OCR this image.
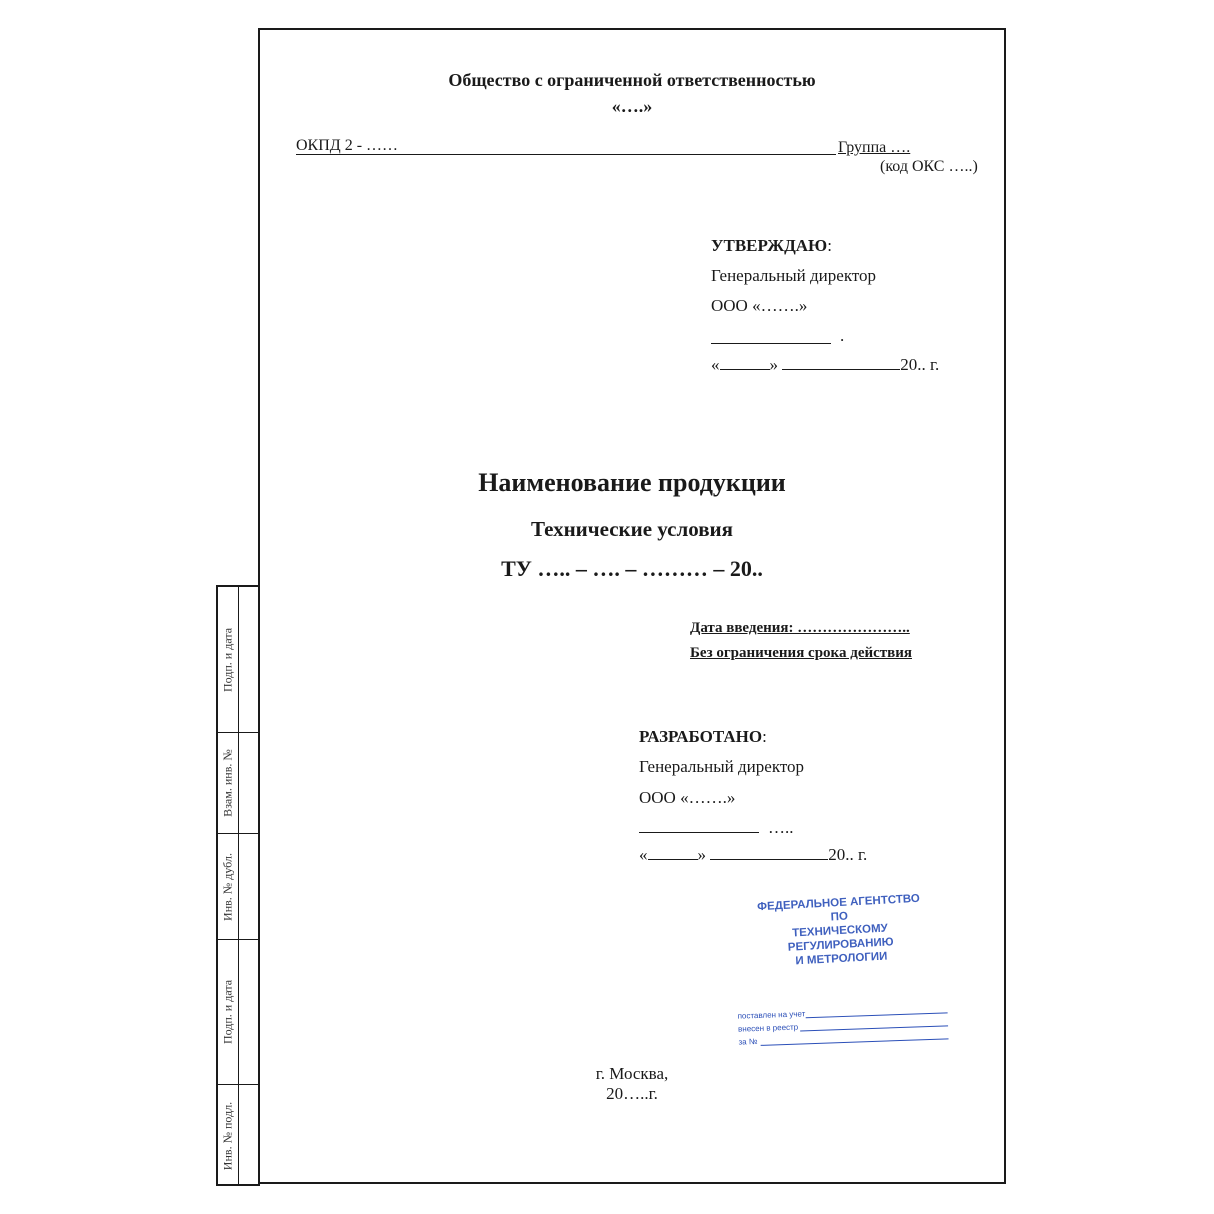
Подп. и дата
Взам. инв. №
Инв. № дубл.
Подп. и дата
Инв. № подл.
Общество с ограниченной ответственностью
«….»
ОКПД 2 - ……	Группа ….
(код ОКС …..)
УТВЕРЖДАЮ:
Генеральный директор
ООО «…….»
.
«	»	20.. г.
Наименование продукции
Технические условия
ТУ ….. – …. – ……… – 20..
Дата введения: …………………..
Без ограничения срока действия
РАЗРАБОТАНО:
Генеральный директор
ООО «…….»
…..
«	»	20.. г.
ФЕДЕРАЛЬНОЕ АГЕНТСТВО ПО
ТЕХНИЧЕСКОМУ РЕГУЛИРОВАНИЮ
И МЕТРОЛОГИИ
поставлен на учет
внесен в реестр
за №
г. Москва,
20…..г.
